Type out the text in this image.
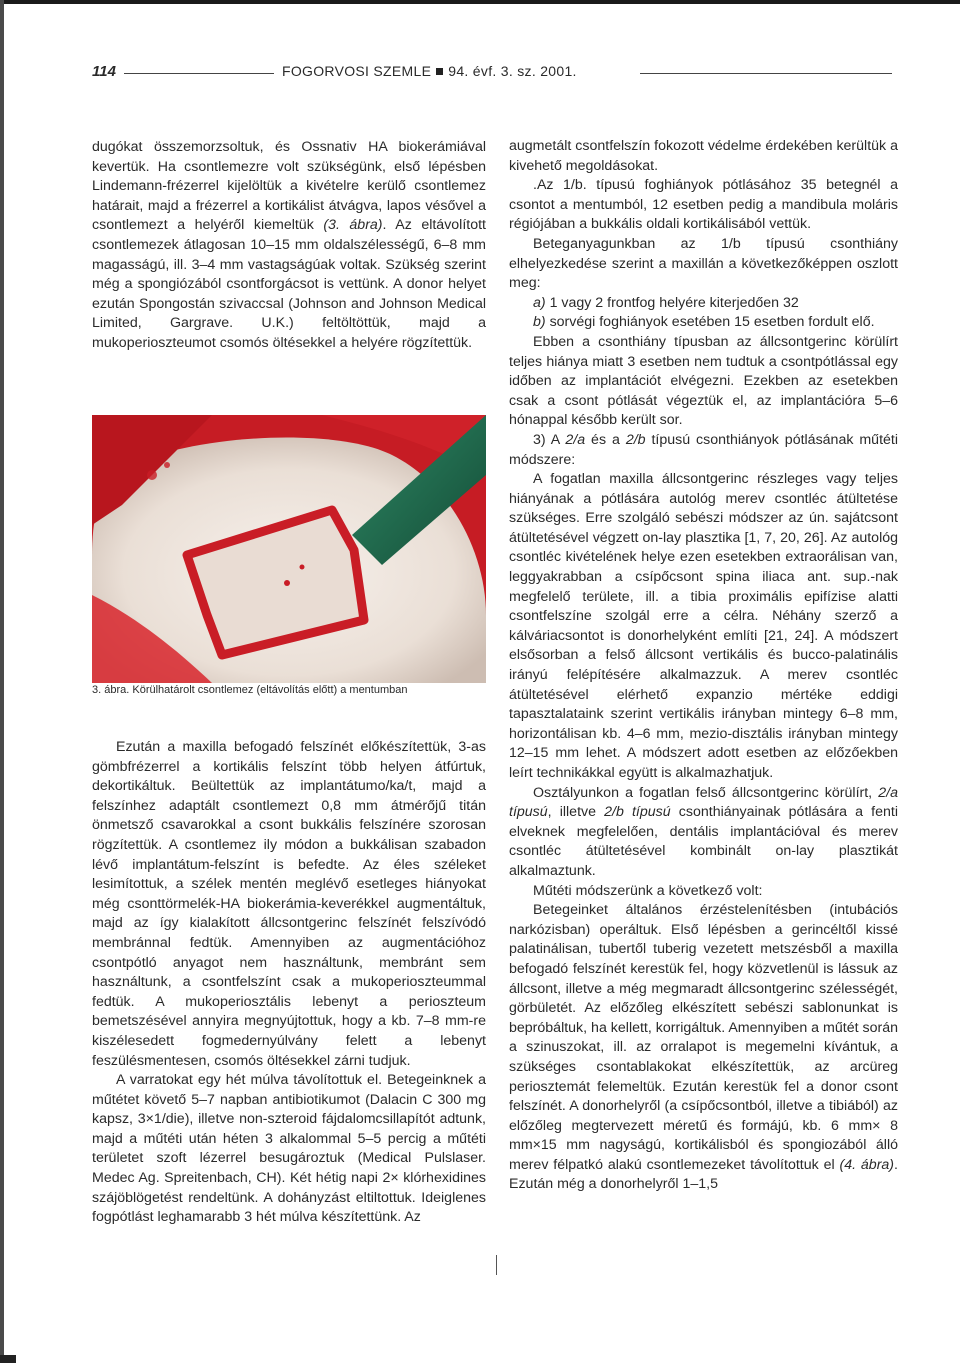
114	FOGORVOSI SZEMLE 94. évf. 3. sz. 2001.

dugókat összemorzsoltuk, és Ossnativ HA biokerámiával kevertük. Ha csontlemezre volt szükségünk, első lépésben Lindemann-frézerrel kijelöltük a kivételre kerülő csontlemez határait, majd a frézerrel a kortikálist átvágva, lapos vésővel a csontlemezt a helyéről kiemeltük (3. ábra). Az eltávolított csontlemezek átlagosan 10–15 mm oldalszélességű, 6–8 mm magasságú, ill. 3–4 mm vastagságúak voltak. Szükség szerint még a spongiózából csontforgácsot is vettünk. A donor helyet ezután Spongostán szivaccsal (Johnson and Johnson Medical Limited, Gargrave. U.K.) feltöltöttük, majd a mukoperioszteumot csomós öltésekkel a helyére rögzítettük.

3. ábra. Körülhatárolt csontlemez (eltávolítás előtt) a mentumban

Ezután a maxilla befogadó felszínét előkészítettük, 3-as gömbfrézerrel a kortikális felszínt több helyen átfúrtuk, dekortikáltuk. Beültettük az implantátumo/ka/t, majd a felszínhez adaptált csontlemezt 0,8 mm átmérőjű titán önmetsző csavarokkal a csont bukkális felszínére szorosan rögzítettük. A csontlemez ily módon a bukkálisan szabadon lévő implantátum-felszínt is befedte. Az éles széleket lesimítottuk, a szélek mentén meglévő esetleges hiányokat még csonttörmelék-HA biokerámia-keverékkel augmentáltuk, majd az így kialakított állcsontgerinc felszínét felszívódó membránnal fedtük. Amennyiben az augmentációhoz csontpótló anyagot nem használtunk, membránt sem használtunk, a csontfelszínt csak a mukoperioszteummal fedtük. A mukoperiosztális lebenyt a perioszteum bemetszésével annyira megnyújtottuk, hogy a kb. 7–8 mm-re kiszélesedett fogmedernyúlvány felett a lebenyt feszülésmentesen, csomós öltésekkel zárni tudjuk.

A varratokat egy hét múlva távolítottuk el. Betegeinknek a műtétet követő 5–7 napban antibiotikumot (Dalacin C 300 mg kapsz, 3×1/die), illetve non-szteroid fájdalomcsillapítót adtunk, majd a műtéti után héten 3 alkalommal 5–5 percig a műtéti területet szoft lézerrel besugároztuk (Medical Pulslaser. Medec Ag. Spreitenbach, CH). Két hétig napi 2× klórhexidines szájöblögetést rendeltünk. A dohányzást eltiltottuk. Ideiglenes fogpótlást leghamarabb 3 hét múlva készítettünk. Az

augmetált csontfelszín fokozott védelme érdekében kerültük a kivehető megoldásokat.

.Az 1/b. típusú foghiányok pótlásához 35 betegnél a csontot a mentumból, 12 esetben pedig a mandibula moláris régiójában a bukkális oldali kortikálisából vettük.

Beteganyagunkban az 1/b típusú csonthiány elhelyezkedése szerint a maxillán a következőképpen oszlott meg:

a) 1 vagy 2 frontfog helyére kiterjedően 32

b) sorvégi foghiányok esetében 15 esetben fordult elő.

Ebben a csonthiány típusban az állcsontgerinc körülírt teljes hiánya miatt 3 esetben nem tudtuk a csontpótlással egy időben az implantációt elvégezni. Ezekben az esetekben csak a csont pótlását végeztük el, az implantációra 5–6 hónappal később került sor.

3) A 2/a és a 2/b típusú csonthiányok pótlásának műtéti módszere:

A fogatlan maxilla állcsontgerinc részleges vagy teljes hiányának a pótlására autológ merev csontléc átültetése szükséges. Erre szolgáló sebészi módszer az ún. sajátcsont átültetésével végzett on-lay plasztika [1, 7, 20, 26]. Az autológ csontléc kivételének helye ezen esetekben extraorálisan van, leggyakrabban a csípőcsont spina iliaca ant. sup.-nak megfelelő területe, ill. a tibia proximális epifízise alatti csontfelszíne szolgál erre a célra. Néhány szerző a kálváriacsontot is donorhelyként említi [21, 24]. A módszert elsősorban a felső állcsont vertikális és bucco-palatinális irányú felépítésére alkalmazzuk. A merev csontléc átültetésével elérhető expanzio mértéke eddigi tapasztalataink szerint vertikális irányban mintegy 6–8 mm, horizontálisan kb. 4–6 mm, mezio-disztális irányban mintegy 12–15 mm lehet. A módszert adott esetben az előzőekben leírt technikákkal együtt is alkalmazhatjuk.

Osztályunkon a fogatlan felső állcsontgerinc körülírt, 2/a típusú, illetve 2/b típusú csonthiányainak pótlására a fenti elveknek megfelelően, dentális implantációval és merev csontléc átültetésével kombinált on-lay plasztikát alkalmaztunk.

Műtéti módszerünk a következő volt:

Betegeinket általános érzéstelenítésben (intubációs narkózisban) operáltuk. Első lépésben a gerincéltől kissé palatinálisan, tubertől tuberig vezetett metszésből a maxilla befogadó felszínét kerestük fel, hogy közvetlenül is lássuk az állcsont, illetve a még megmaradt állcsontgerinc szélességét, görbületét. Az előzőleg elkészített sebészi sablonunkat is bepróbáltuk, ha kellett, korrigáltuk. Amennyiben a műtét során a szinuszokat, ill. az orralapot is megemelni kívántuk, a szükséges csontablakokat elkészítettük, az arcüreg periosztemát felemeltük. Ezután kerestük fel a donor csont felszínét. A donorhelyről (a csípőcsontból, illetve a tibiából) az előzőleg megtervezett méretű és formájú, kb. 6 mm× 8 mm×15 mm nagyságú, kortikálisból és spongiozából álló merev félpatkó alakú csontlemezeket távolítottuk el (4. ábra). Ezután még a donorhelyről 1–1,5
